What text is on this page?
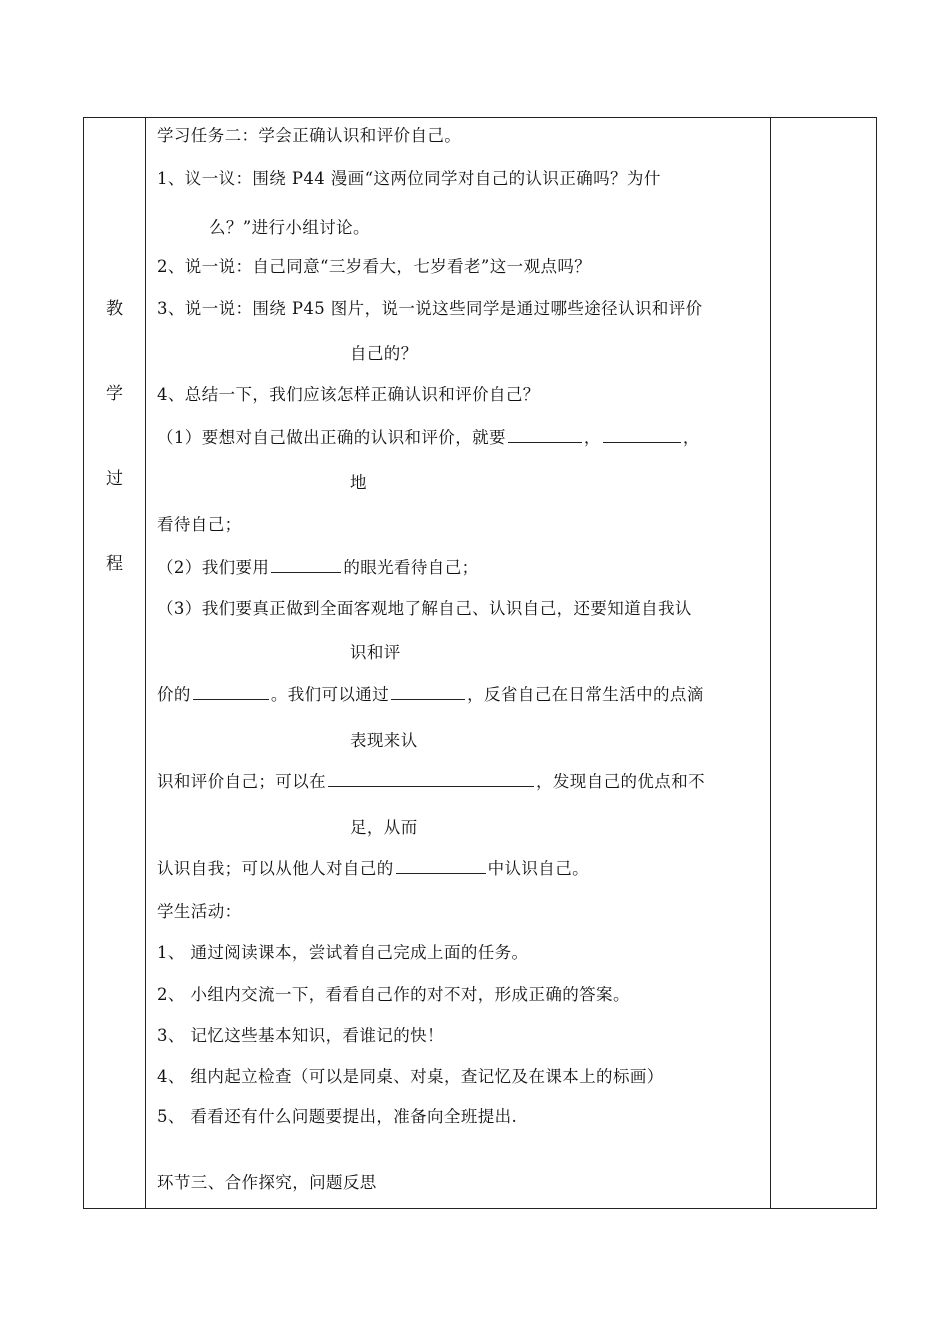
教
学
过
程
学习任务二：学会正确认识和评价自己。
1、议一议：围绕 P44 漫画“这两位同学对自己的认识正确吗？为什
么？”进行小组讨论。
2、说一说：自己同意“三岁看大，七岁看老”这一观点吗？
3、说一说：围绕 P45 图片，说一说这些同学是通过哪些途径认识和评价
自己的？
4、总结一下，我们应该怎样正确认识和评价自己？
（1）要想对自己做出正确的认识和评价，就要	，	，
地
看待自己；
（2）我们要用	的眼光看待自己；
（3）我们要真正做到全面客观地了解自己、认识自己，还要知道自我认
识和评
价的	。我们可以通过	，反省自己在日常生活中的点滴
表现来认
识和评价自己；可以在	，发现自己的优点和不
足，从而
认识自我；可以从他人对自己的	中认识自己。
学生活动：
1、 通过阅读课本，尝试着自己完成上面的任务。
2、 小组内交流一下，看看自己作的对不对，形成正确的答案。
3、 记忆这些基本知识，看谁记的快！
4、 组内起立检查（可以是同桌、对桌，查记忆及在课本上的标画）
5、 看看还有什么问题要提出，准备向全班提出.
环节三、合作探究，问题反思
